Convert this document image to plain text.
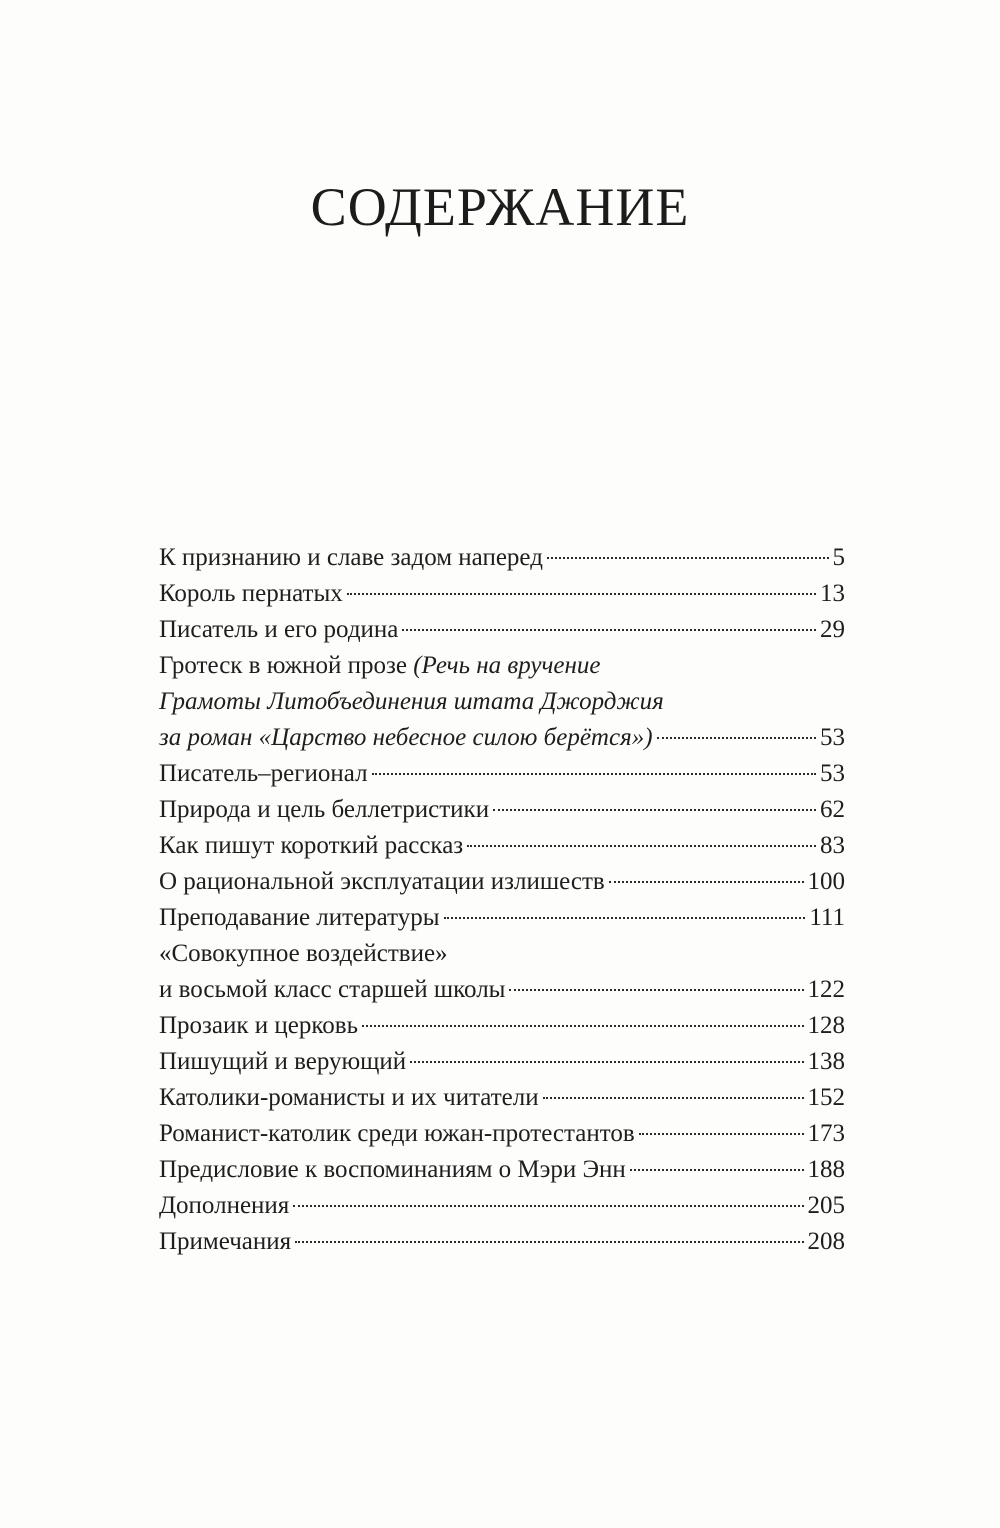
СОДЕРЖАНИЕ
К признанию и славе задом наперед	5
Король пернатых	13
Писатель и его родина	29
Гротеск в южной прозе (Речь на вручение
Грамоты Литобъединения штата Джорджия
за роман «Царство небесное силою берётся»)	53
Писатель–регионал	53
Природа и цель беллетристики	62
Как пишут короткий рассказ	83
О рациональной эксплуатации излишеств	100
Преподавание литературы	111
«Совокупное воздействие»
и восьмой класс старшей школы	122
Прозаик и церковь	128
Пишущий и верующий	138
Католики-романисты и их читатели	152
Романист-католик среди южан-протестантов	173
Предисловие к воспоминаниям о Мэри Энн	188
Дополнения	205
Примечания	208
